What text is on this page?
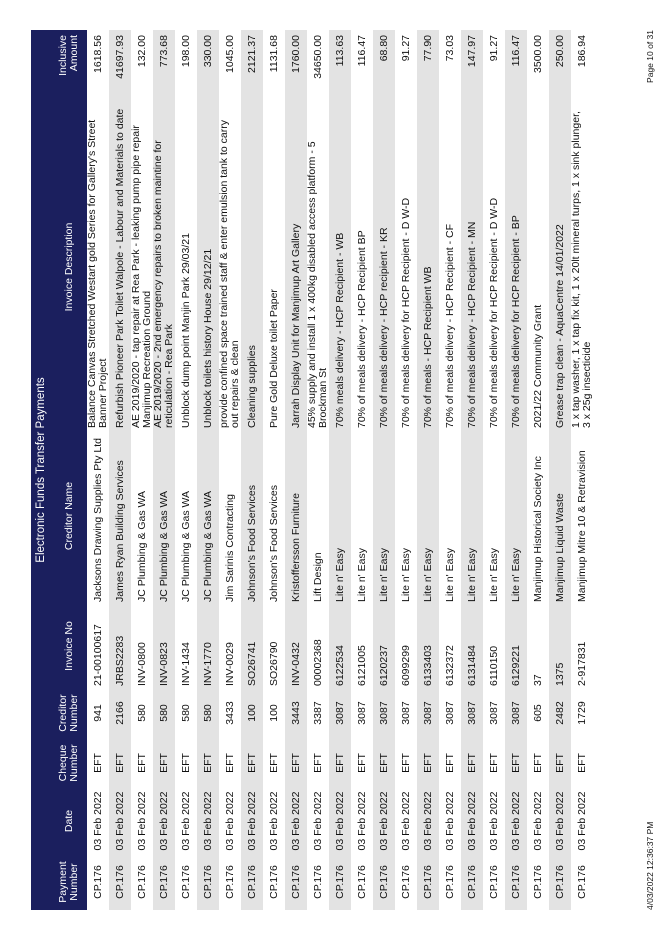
Electronic Funds Transfer Payments
Payment Number
Date
Cheque Number
Creditor Number
Invoice No
Creditor Name
Invoice Description
Inclusive Amount
CP.176
03 Feb 2022
EFT
941
21-00100617
Jacksons Drawing Supplies Pty Ltd
Balance Canvas Stretched Westart gold Series for Gallery's Street Banner Project
1618.56
CP.176
03 Feb 2022
EFT
2166
JRBS2283
James Ryan Building Services
Refurbish Pioneer Park Toilet Walpole - Labour and Materials to date
41697.93
CP.176
03 Feb 2022
EFT
580
INV-0800
JC Plumbing & Gas WA
AE 2019/2020 - tap repair at Rea Park - leaking pump pipe repair Manjimup Recreation Ground
132.00
CP.176
03 Feb 2022
EFT
580
INV-0823
JC Plumbing & Gas WA
AE 2019/2020 - 2nd emergency repairs to broken maintine for reticulation - Rea Park
773.68
CP.176
03 Feb 2022
EFT
580
INV-1434
JC Plumbing & Gas WA
Unblock dump point Manjin Park 29/03/21
198.00
CP.176
03 Feb 2022
EFT
580
INV-1770
JC Plumbing & Gas WA
Unblock toilets history House 29/12/21
330.00
CP.176
03 Feb 2022
EFT
3433
INV-0029
Jim Sarinis Contracting
provide confined space trained staff & enter emulsion tank to carry out repairs & clean
1045.00
CP.176
03 Feb 2022
EFT
100
SO26741
Johnson's Food Services
Cleaning supplies
2121.37
CP.176
03 Feb 2022
EFT
100
SO26790
Johnson's Food Services
Pure Gold Deluxe toilet Paper
1131.68
CP.176
03 Feb 2022
EFT
3443
INV-0432
Kristoffersson Furniture
Jarrah Display Unit for Manjimup Art Gallery
1760.00
CP.176
03 Feb 2022
EFT
3387
00002368
Lift Design
45% supply and install 1 x 400kg disabled access platform - 5 Brockman St
34650.00
CP.176
03 Feb 2022
EFT
3087
6122534
Lite n' Easy
70% meals delivery - HCP Recipient - WB
113.63
CP.176
03 Feb 2022
EFT
3087
6121005
Lite n' Easy
70% of meals delivery - HCP Recipient BP
116.47
CP.176
03 Feb 2022
EFT
3087
6120237
Lite n' Easy
70% of meals delivery - HCP recipient - KR
68.80
CP.176
03 Feb 2022
EFT
3087
6099299
Lite n' Easy
70% of meals delivery for HCP Recipient - D W-D
91.27
CP.176
03 Feb 2022
EFT
3087
6133403
Lite n' Easy
70% of meals - HCP Recipient WB
77.90
CP.176
03 Feb 2022
EFT
3087
6132372
Lite n' Easy
70% of meals delivery - HCP Recipient - CF
73.03
CP.176
03 Feb 2022
EFT
3087
6131484
Lite n' Easy
70% of meals delivery - HCP Recipient - MN
147.97
CP.176
03 Feb 2022
EFT
3087
6110150
Lite n' Easy
70% of meals delivery for HCP Recipient - D W-D
91.27
CP.176
03 Feb 2022
EFT
3087
6129221
Lite n' Easy
70% of meals delivery for HCP Recipient - BP
116.47
CP.176
03 Feb 2022
EFT
605
37
Manjimup Historical Society Inc
2021/22 Community Grant
3500.00
CP.176
03 Feb 2022
EFT
2482
1375
Manjimup Liquid Waste
Grease trap clean - AquaCentre 14/01/2022
250.00
CP.176
03 Feb 2022
EFT
1729
2-917831
Manjimup Mitre 10 & Retravision
1 x tap washer, 1 x tap fix kit, 1 x 20lt mineral turps, 1 x sink plunger, 3 x 25g insecticide
186.94
4/03/2022 12:36:37 PM
Page 10 of 31
